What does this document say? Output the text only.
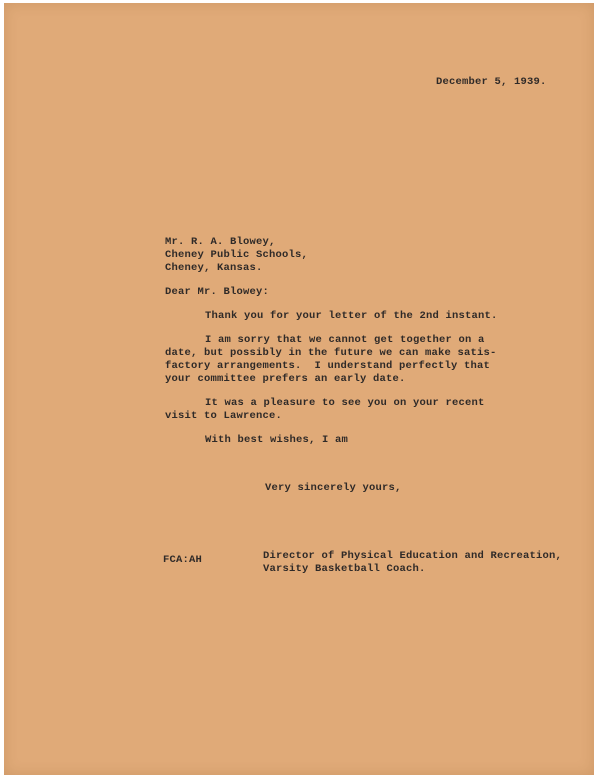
December 5, 1939.
Mr. R. A. Blowey,
Cheney Public Schools,
Cheney, Kansas.
Dear Mr. Blowey:
Thank you for your letter of the 2nd instant.
I am sorry that we cannot get together on a
date, but possibly in the future we can make satis-
factory arrangements.  I understand perfectly that
your committee prefers an early date.
It was a pleasure to see you on your recent
visit to Lawrence.
With best wishes, I am
Very sincerely yours,
FCA:AH	Director of Physical Education and Recreation,
Varsity Basketball Coach.
